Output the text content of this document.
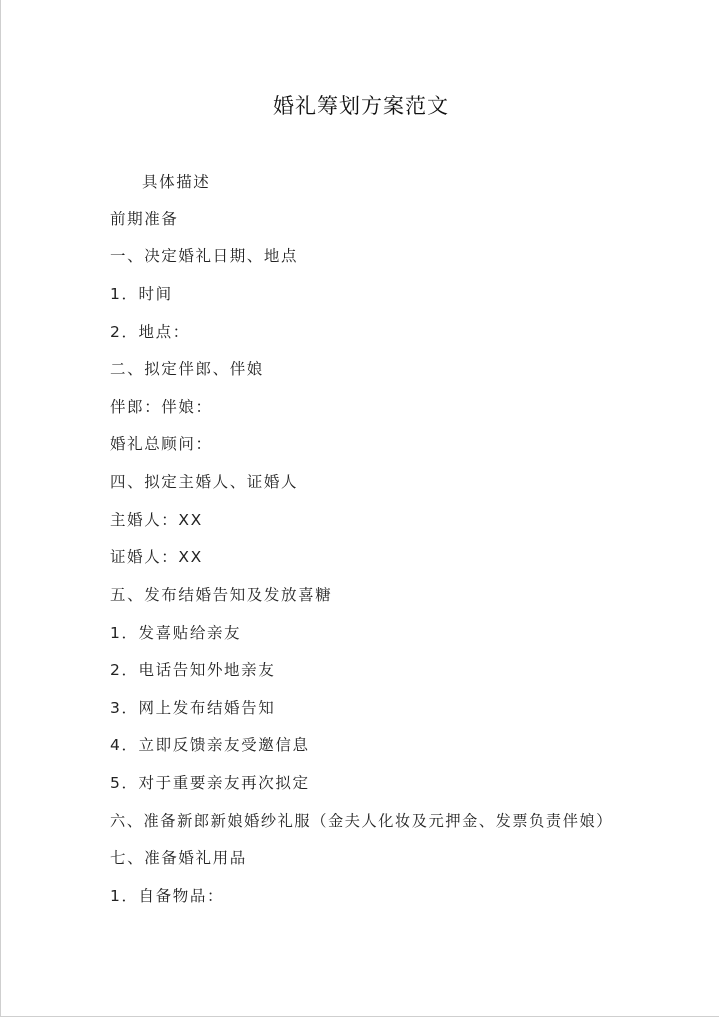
婚礼筹划方案范文
具体描述
前期准备
一、决定婚礼日期、地点
1．时间
2．地点：
二、拟定伴郎、伴娘
伴郎：伴娘：
婚礼总顾问：
四、拟定主婚人、证婚人
主婚人：XX
证婚人：XX
五、发布结婚告知及发放喜糖
1．发喜贴给亲友
2．电话告知外地亲友
3．网上发布结婚告知
4．立即反馈亲友受邀信息
5．对于重要亲友再次拟定
六、准备新郎新娘婚纱礼服（金夫人化妆及元押金、发票负责伴娘）
七、准备婚礼用品
1．自备物品：
